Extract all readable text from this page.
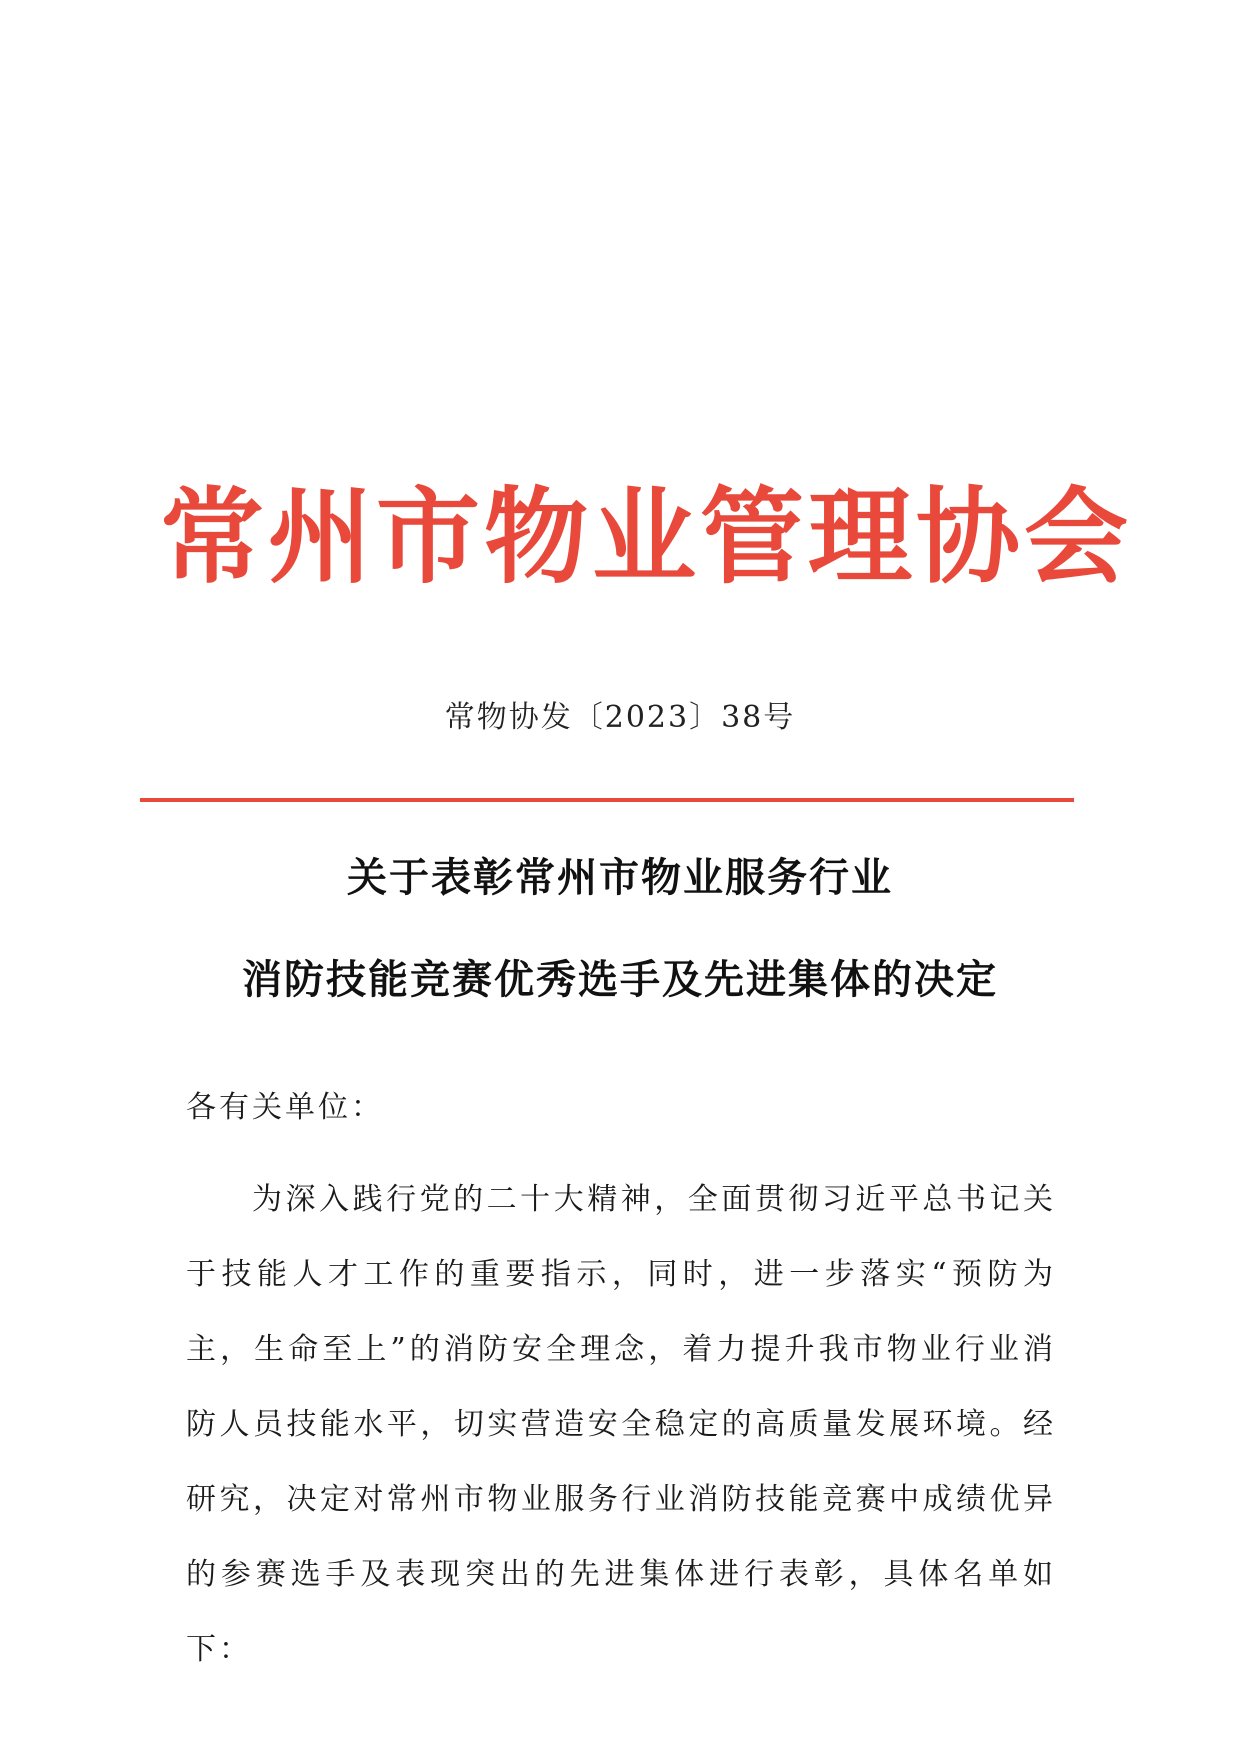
常州市物业管理协会
常物协发〔2023〕38号
关于表彰常州市物业服务行业
消防技能竞赛优秀选手及先进集体的决定
各有关单位：

为深入践行党的二十大精神，全面贯彻习近平总书记关于技能人才工作的重要指示，同时，进一步落实“预防为主，生命至上”的消防安全理念，着力提升我市物业行业消防人员技能水平，切实营造安全稳定的高质量发展环境。经研究，决定对常州市物业服务行业消防技能竞赛中成绩优异的参赛选手及表现突出的先进集体进行表彰，具体名单如下：
